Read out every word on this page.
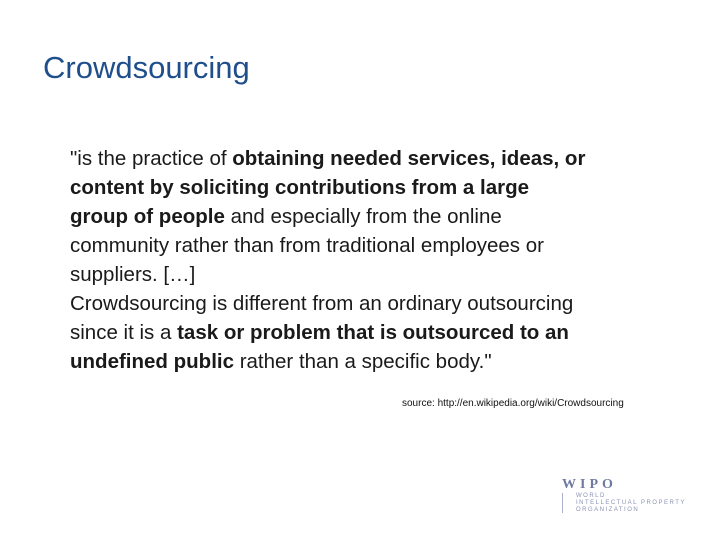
Crowdsourcing

"is the practice of obtaining needed services, ideas, or
content by soliciting contributions from a large
group of people and especially from the online
community rather than from traditional employees or
suppliers. […]
Crowdsourcing is different from an ordinary outsourcing
since it is a task or problem that is outsourced to an
undefined public rather than a specific body."

source: http://en.wikipedia.org/wiki/Crowdsourcing
WIPO
WORLD
INTELLECTUAL PROPERTY
ORGANIZATION
